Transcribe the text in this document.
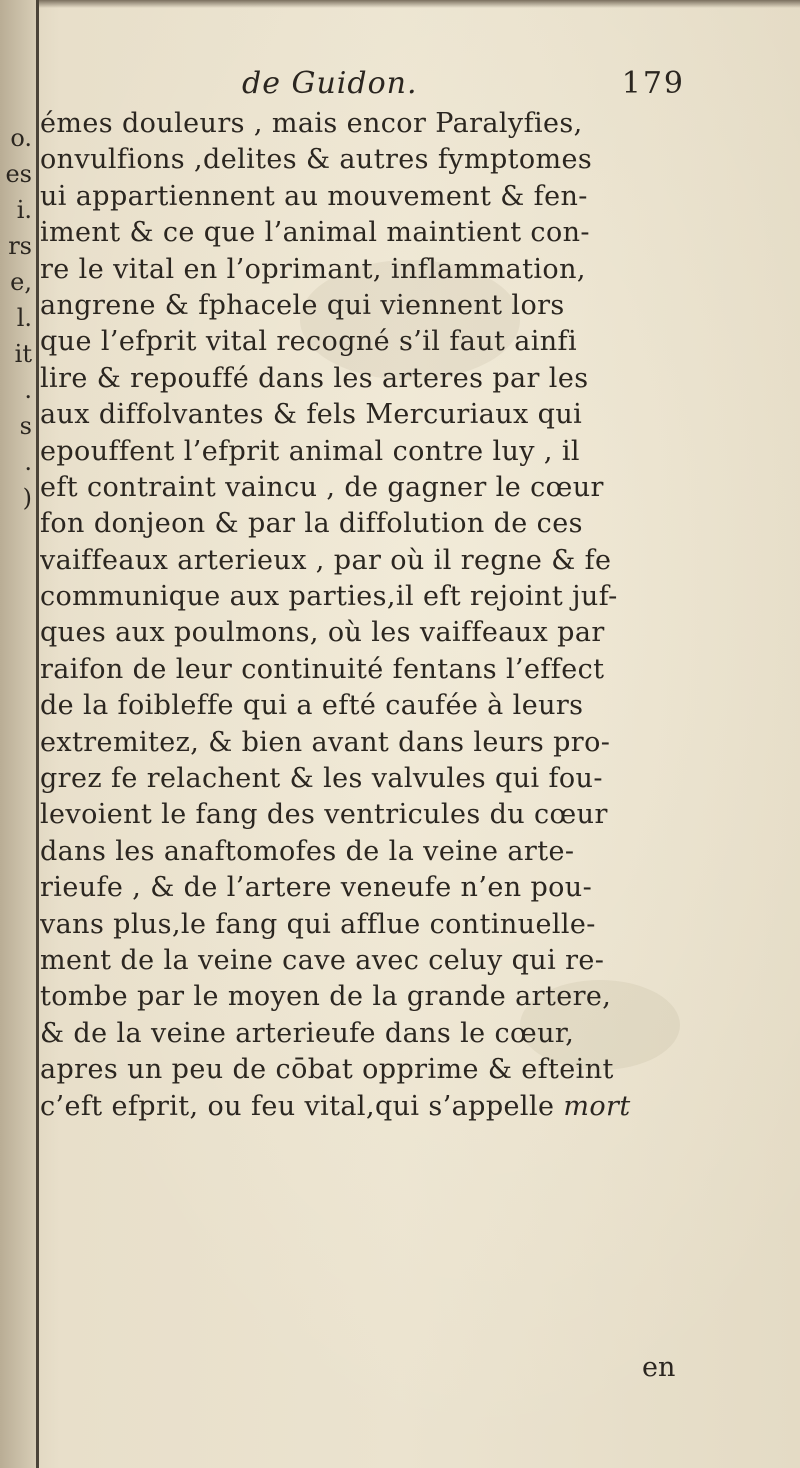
o.
es
i.
rs
e,
l.
it
.
s
.
)
de Guidon.	179
émes douleurs , mais encor Paralyfies,
onvulfions ,delites & autres fymptomes
ui appartiennent au mouvement & fen-
iment & ce que l’animal maintient con-
re le vital en l’oprimant, inflammation,
angrene & fphacele qui viennent lors
que l’efprit vital recogné s’il faut ainfi
lire & repouffé dans les arteres par les
aux diffolvantes & fels Mercuriaux qui
epouffent l’efprit animal contre luy , il
eft contraint vaincu , de gagner le cœur
fon donjeon & par la diffolution de ces
vaiffeaux arterieux , par où il regne & fe
communique aux parties,il eft rejoint juf-
ques aux poulmons, où les vaiffeaux par
raifon de leur continuité fentans l’effect
de la foibleffe qui a efté caufée à leurs
extremitez, & bien avant dans leurs pro-
grez fe relachent & les valvules qui fou-
levoient le fang des ventricules du cœur
dans les anaftomofes de la veine arte-
rieufe , & de l’artere veneufe n’en pou-
vans plus,le fang qui afflue continuelle-
ment de la veine cave avec celuy qui re-
tombe par le moyen de la grande artere,
& de la veine arterieufe dans le cœur,
apres un peu de cōbat opprime & efteint
c’eft efprit, ou feu vital,qui s’appelle mort
en
